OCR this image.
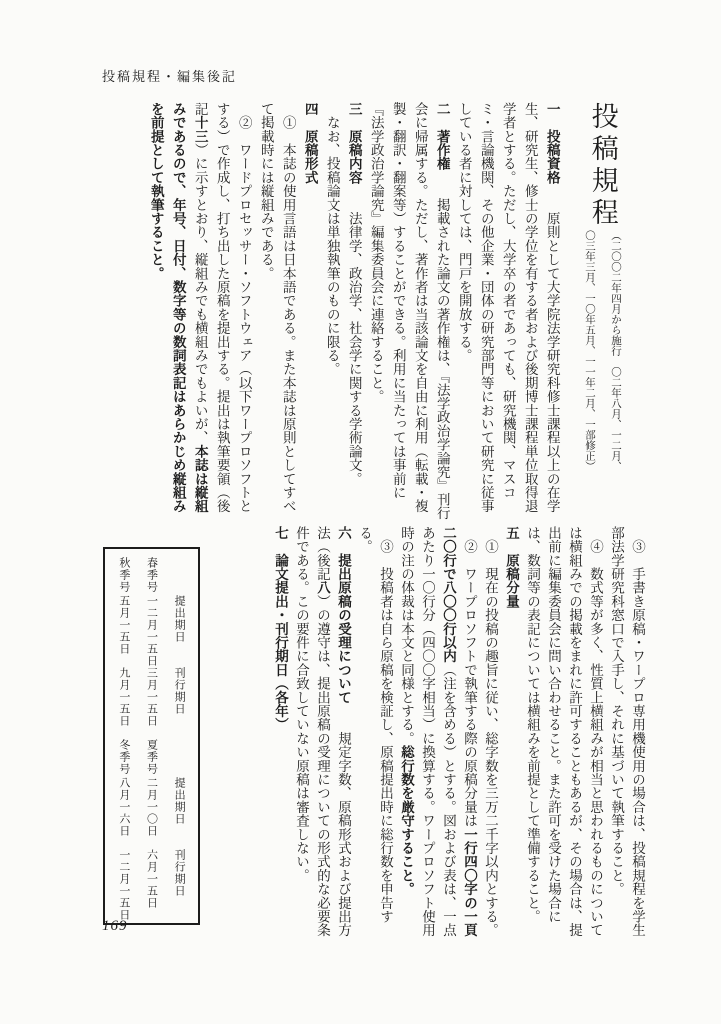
投稿規程・編集後記
投稿規程
（二〇〇二年四月から施行　〇二年八月、一二月、
〇三年三月、一〇年五月、一一年二月、一部修正）

一　投稿資格　　原則として大学院法学研究科修士課程以上の在学生、研究生、修士の学位を有する者および後期博士課程単位取得退学者とする。ただし、大学卒の者であっても、研究機関、マスコミ・言論機関、その他企業・団体の研究部門等において研究に従事している者に対しては、門戸を開放する。

二　著作権　　掲載された論文の著作権は、『法学政治学論究』刊行会に帰属する。ただし、著作者は当該論文を自由に利用（転載・複製・翻訳・翻案等）することができる。利用に当たっては事前に『法学政治学論究』編集委員会に連絡すること。

三　原稿内容　　法律学、政治学、社会学に関する学術論文。

　なお、投稿論文は単独執筆のものに限る。

四　原稿形式

　①　本誌の使用言語は日本語である。また本誌は原則としてすべて掲載時には縦組みである。

　②　ワードプロセッサー・ソフトウェア（以下ワープロソフトとする）で作成し、打ち出した原稿を提出する。提出は執筆要領（後記十三）に示すとおり、縦組みでも横組みでもよいが、本誌は縦組みであるので、年号、日付、数字等の数詞表記はあらかじめ縦組みを前提として執筆すること。

　③　手書き原稿・ワープロ専用機使用の場合は、投稿規程を学生部法学研究科窓口で入手し、それに基づいて執筆すること。

　④　数式等が多く、性質上横組みが相当と思われるものについては横組みでの掲載をまれに許可することもあるが、その場合は、提出前に編集委員会に問い合わせること。また許可を受けた場合には、数詞等の表記については横組みを前提として準備すること。

五　原稿分量

　①　現在の投稿の趣旨に従い、総字数を三万二千字以内とする。

　②　ワープロソフトで執筆する際の原稿分量は一行四〇字の一頁二〇行で八〇〇行以内（注を含める）とする。図および表は、一点あたり一〇行分（四〇〇字相当）に換算する。ワープロソフト使用時の注の体裁は本文と同様とする。総行数を厳守すること。

　③　投稿者は自ら原稿を検証し、原稿提出時に総行数を申告する。

六　提出原稿の受理について　　規定字数、原稿形式および提出方法（後記八）の遵守は、提出原稿の受理についての形式的な必要条件である。この要件に合致していない原稿は審査しない。

七　論文提出・刊行期日（各年）

提出期日
刊行期日
春季号
一二月一五日
三月一五日
秋季号
五月一五日
九月一五日
提出期日
刊行期日
夏季号
二月一〇日
六月一五日
冬季号
八月一六日
一二月一五日
169
